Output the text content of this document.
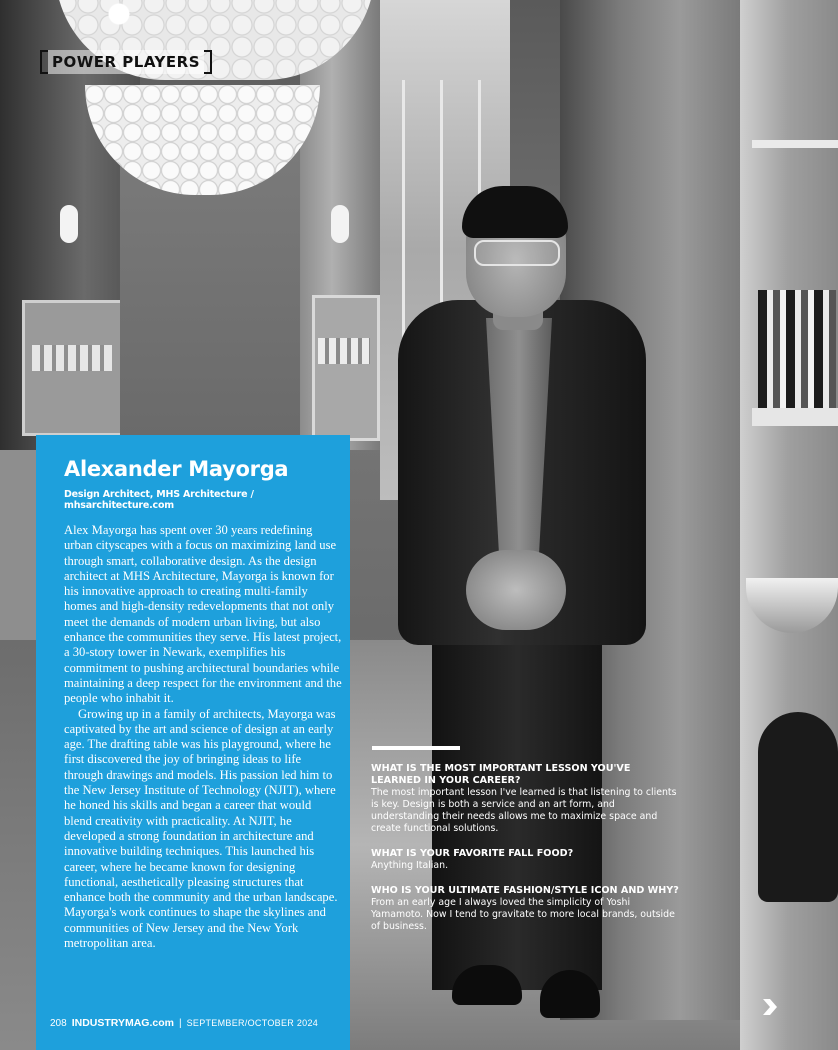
POWER PLAYERS
Alexander Mayorga
Design Architect, MHS Architecture / mhsarchitecture.com

Alex Mayorga has spent over 30 years redefining urban cityscapes with a focus on maximizing land use through smart, collaborative design. As the design architect at MHS Architecture, Mayorga is known for his innovative approach to creating multi-family homes and high-density redevelopments that not only meet the demands of modern urban living, but also enhance the communities they serve. His latest project, a 30-story tower in Newark, exemplifies his commitment to pushing architectural boundaries while maintaining a deep respect for the environment and the people who inhabit it.

Growing up in a family of architects, Mayorga was captivated by the art and science of design at an early age. The drafting table was his playground, where he first discovered the joy of bringing ideas to life through drawings and models. His passion led him to the New Jersey Institute of Technology (NJIT), where he honed his skills and began a career that would blend creativity with practicality. At NJIT, he developed a strong foundation in architecture and innovative building techniques. This launched his career, where he became known for designing functional, aesthetically pleasing structures that enhance both the community and the urban landscape. Mayorga's work continues to shape the skylines and communities of New Jersey and the New York metropolitan area.

208 INDUSTRYMAG.com | SEPTEMBER/OCTOBER 2024
WHAT IS THE MOST IMPORTANT LESSON YOU'VE LEARNED IN YOUR CAREER?
The most important lesson I've learned is that listening to clients is key. Design is both a service and an art form, and understanding their needs allows me to maximize space and create functional solutions.
WHAT IS YOUR FAVORITE FALL FOOD?
Anything Italian.
WHO IS YOUR ULTIMATE FASHION/STYLE ICON AND WHY?
From an early age I always loved the simplicity of Yoshi Yamamoto. Now I tend to gravitate to more local brands, outside of business.
